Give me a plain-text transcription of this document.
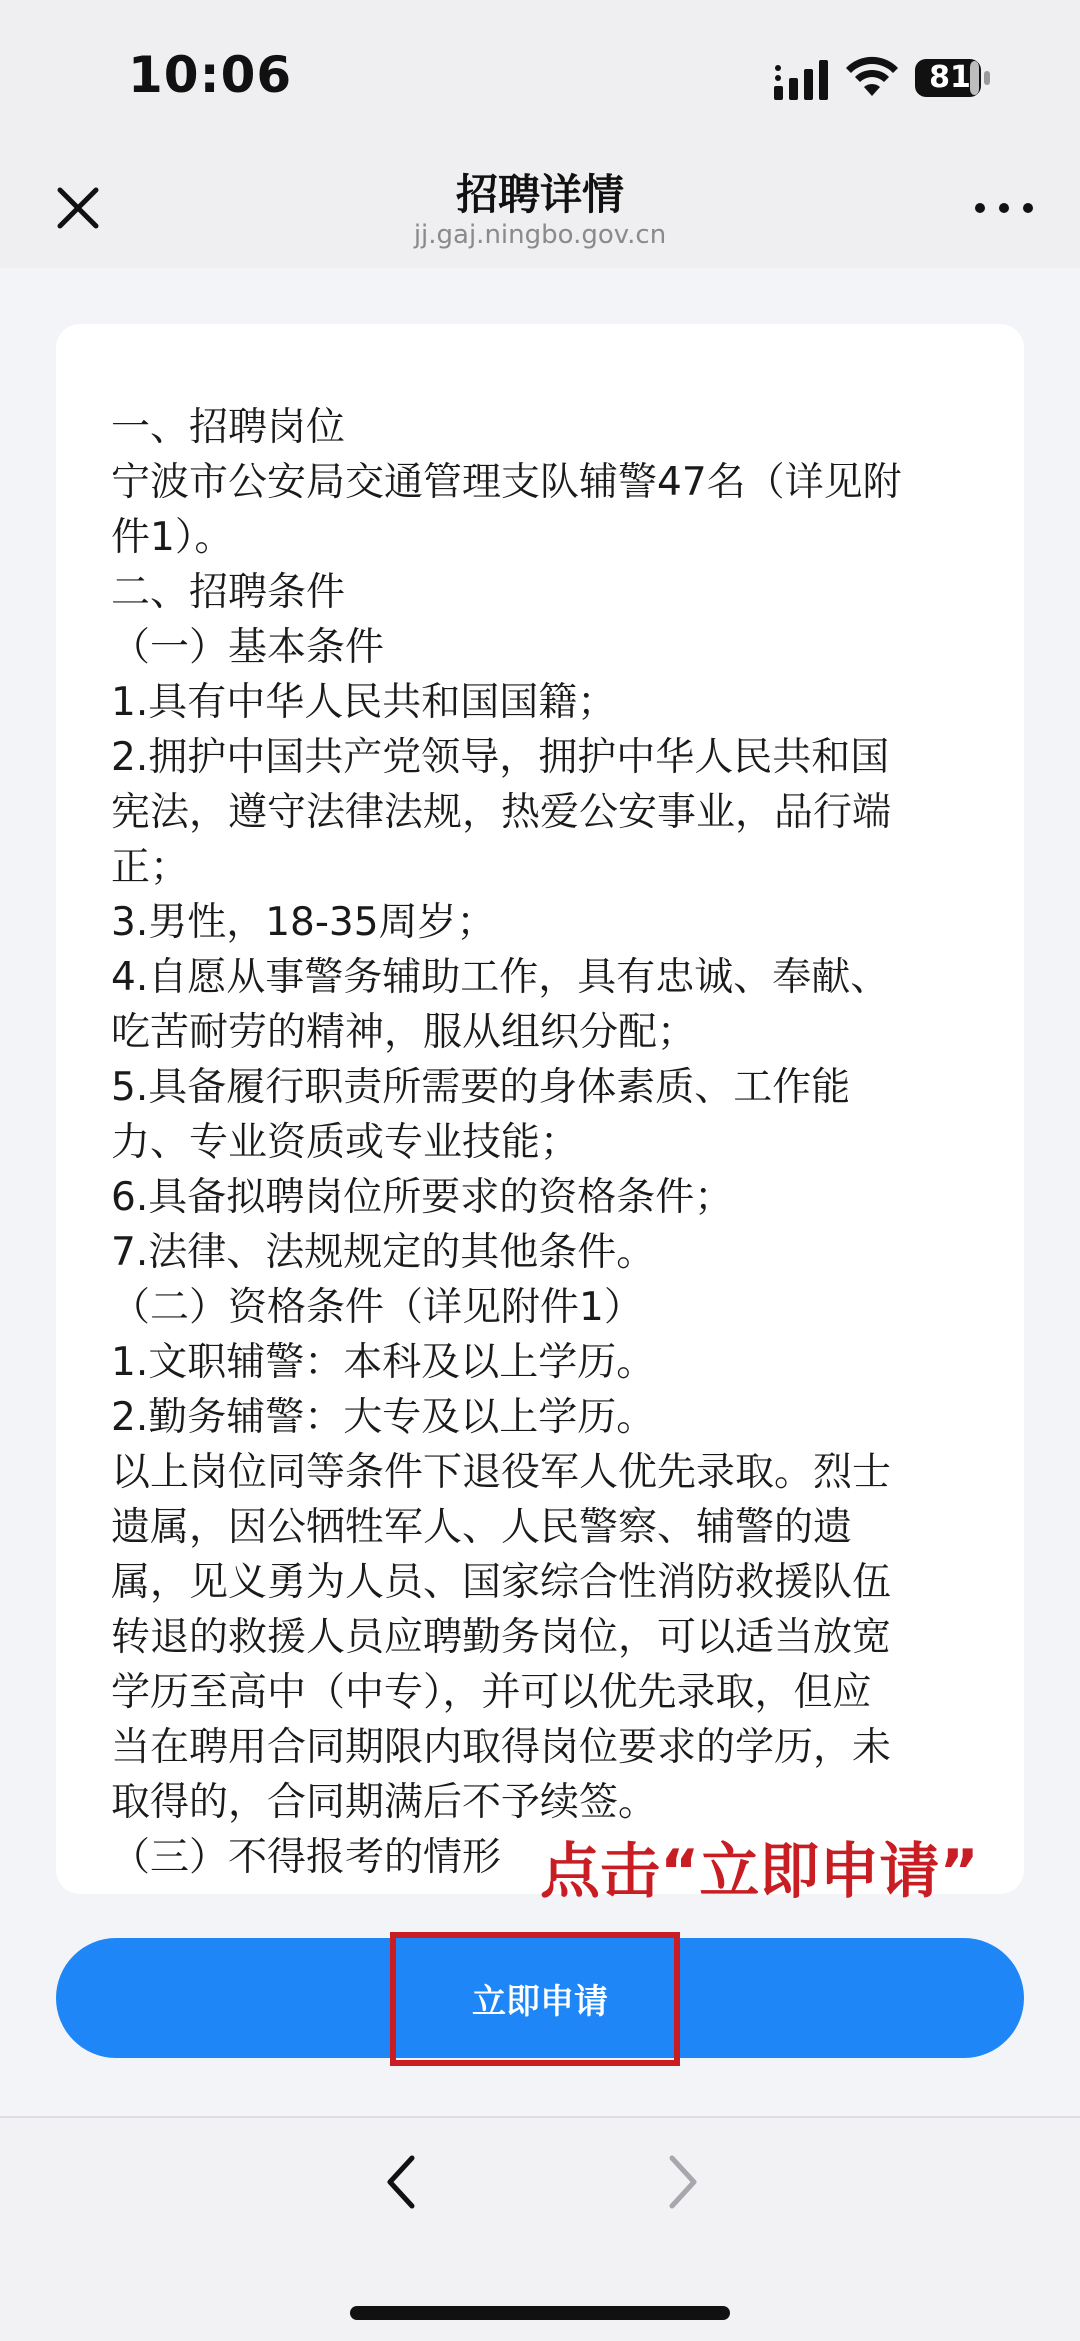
10:06	81
招聘详情
jj.gaj.ningbo.gov.cn
一、招聘岗位
宁波市公安局交通管理支队辅警47名（详见附
件1）。
二、招聘条件
（一）基本条件
1.具有中华人民共和国国籍；
2.拥护中国共产党领导，拥护中华人民共和国
宪法，遵守法律法规，热爱公安事业，品行端
正；
3.男性，18-35周岁；
4.自愿从事警务辅助工作，具有忠诚、奉献、
吃苦耐劳的精神，服从组织分配；
5.具备履行职责所需要的身体素质、工作能
力、专业资质或专业技能；
6.具备拟聘岗位所要求的资格条件；
7.法律、法规规定的其他条件。
（二）资格条件（详见附件1）
1.文职辅警：本科及以上学历。
2.勤务辅警：大专及以上学历。
以上岗位同等条件下退役军人优先录取。烈士
遗属，因公牺牲军人、人民警察、辅警的遗
属，见义勇为人员、国家综合性消防救援队伍
转退的救援人员应聘勤务岗位，可以适当放宽
学历至高中（中专），并可以优先录取，但应
当在聘用合同期限内取得岗位要求的学历，未
取得的，合同期满后不予续签。
（三）不得报考的情形 点击“立即申请”
立即申请
